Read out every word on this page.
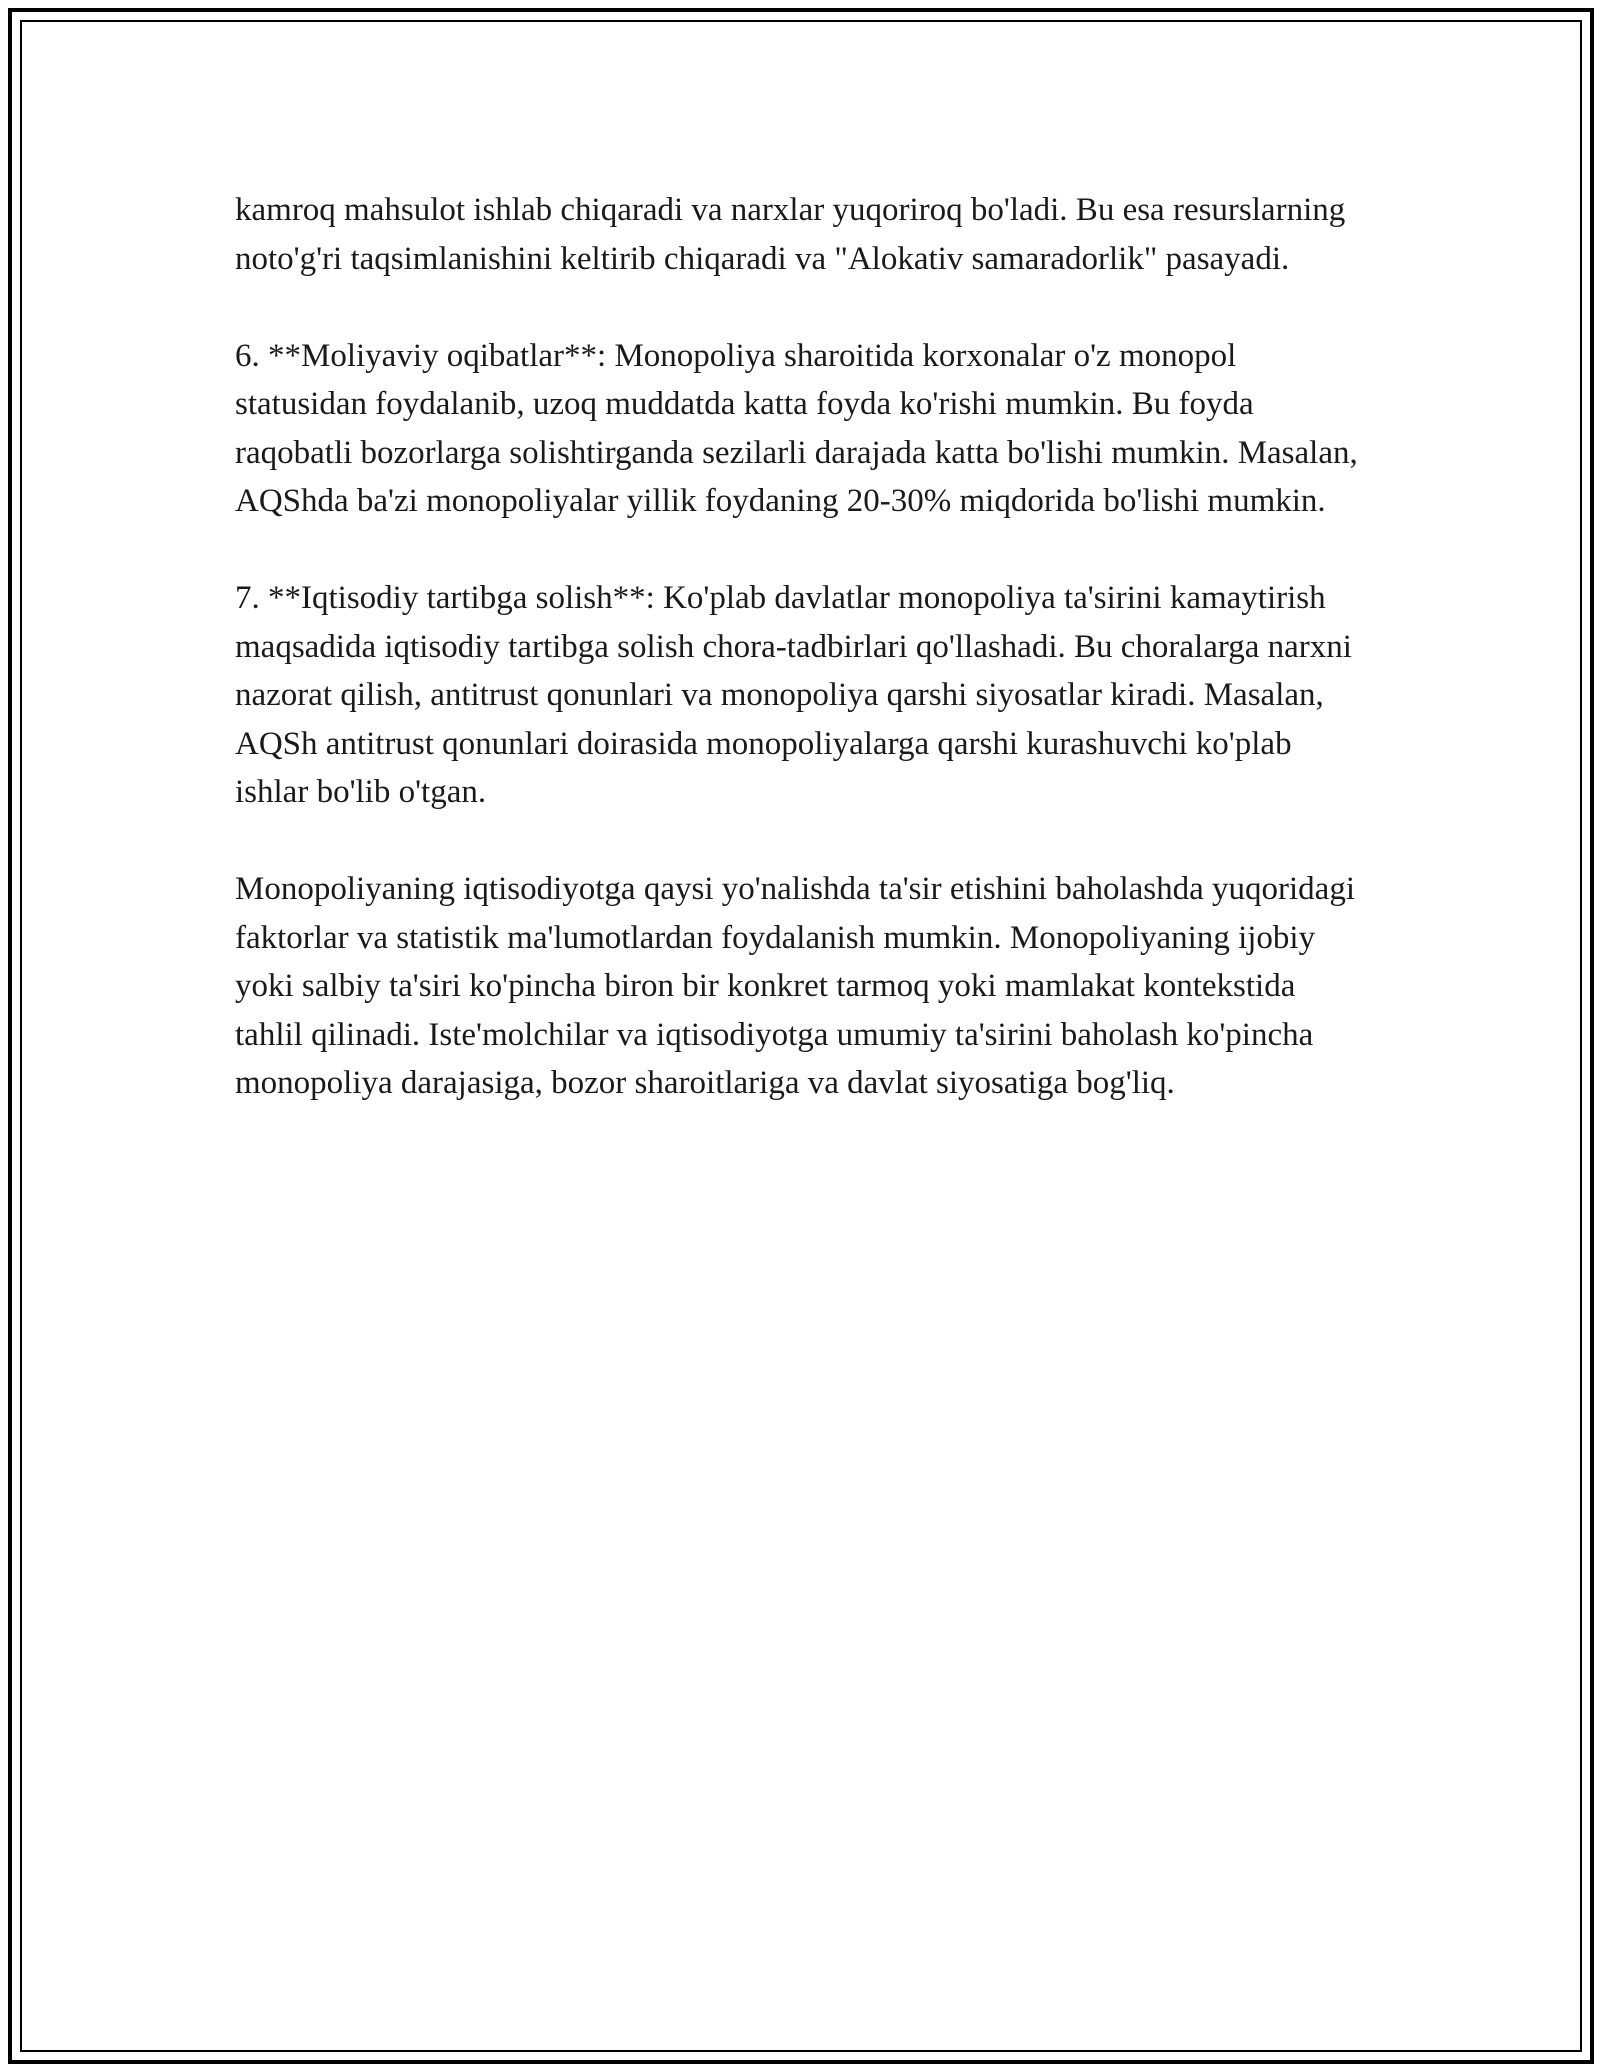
kamroq mahsulot ishlab chiqaradi va narxlar yuqoriroq bo'ladi. Bu esa resurslarning noto'g'ri taqsimlanishini keltirib chiqaradi va "Alokativ samaradorlik" pasayadi.

6. **Moliyaviy oqibatlar**: Monopoliya sharoitida korxonalar o'z monopol statusidan foydalanib, uzoq muddatda katta foyda ko'rishi mumkin. Bu foyda raqobatli bozorlarga solishtirganda sezilarli darajada katta bo'lishi mumkin. Masalan, AQShda ba'zi monopoliyalar yillik foydaning 20-30% miqdorida bo'lishi mumkin.

7. **Iqtisodiy tartibga solish**: Ko'plab davlatlar monopoliya ta'sirini kamaytirish maqsadida iqtisodiy tartibga solish chora-tadbirlari qo'llashadi. Bu choralarga narxni nazorat qilish, antitrust qonunlari va monopoliya qarshi siyosatlar kiradi. Masalan, AQSh antitrust qonunlari doirasida monopoliyalarga qarshi kurashuvchi ko'plab ishlar bo'lib o'tgan.

Monopoliyaning iqtisodiyotga qaysi yo'nalishda ta'sir etishini baholashda yuqoridagi faktorlar va statistik ma'lumotlardan foydalanish mumkin. Monopoliyaning ijobiy yoki salbiy ta'siri ko'pincha biron bir konkret tarmoq yoki mamlakat kontekstida tahlil qilinadi. Iste'molchilar va iqtisodiyotga umumiy ta'sirini baholash ko'pincha monopoliya darajasiga, bozor sharoitlariga va davlat siyosatiga bog'liq.
